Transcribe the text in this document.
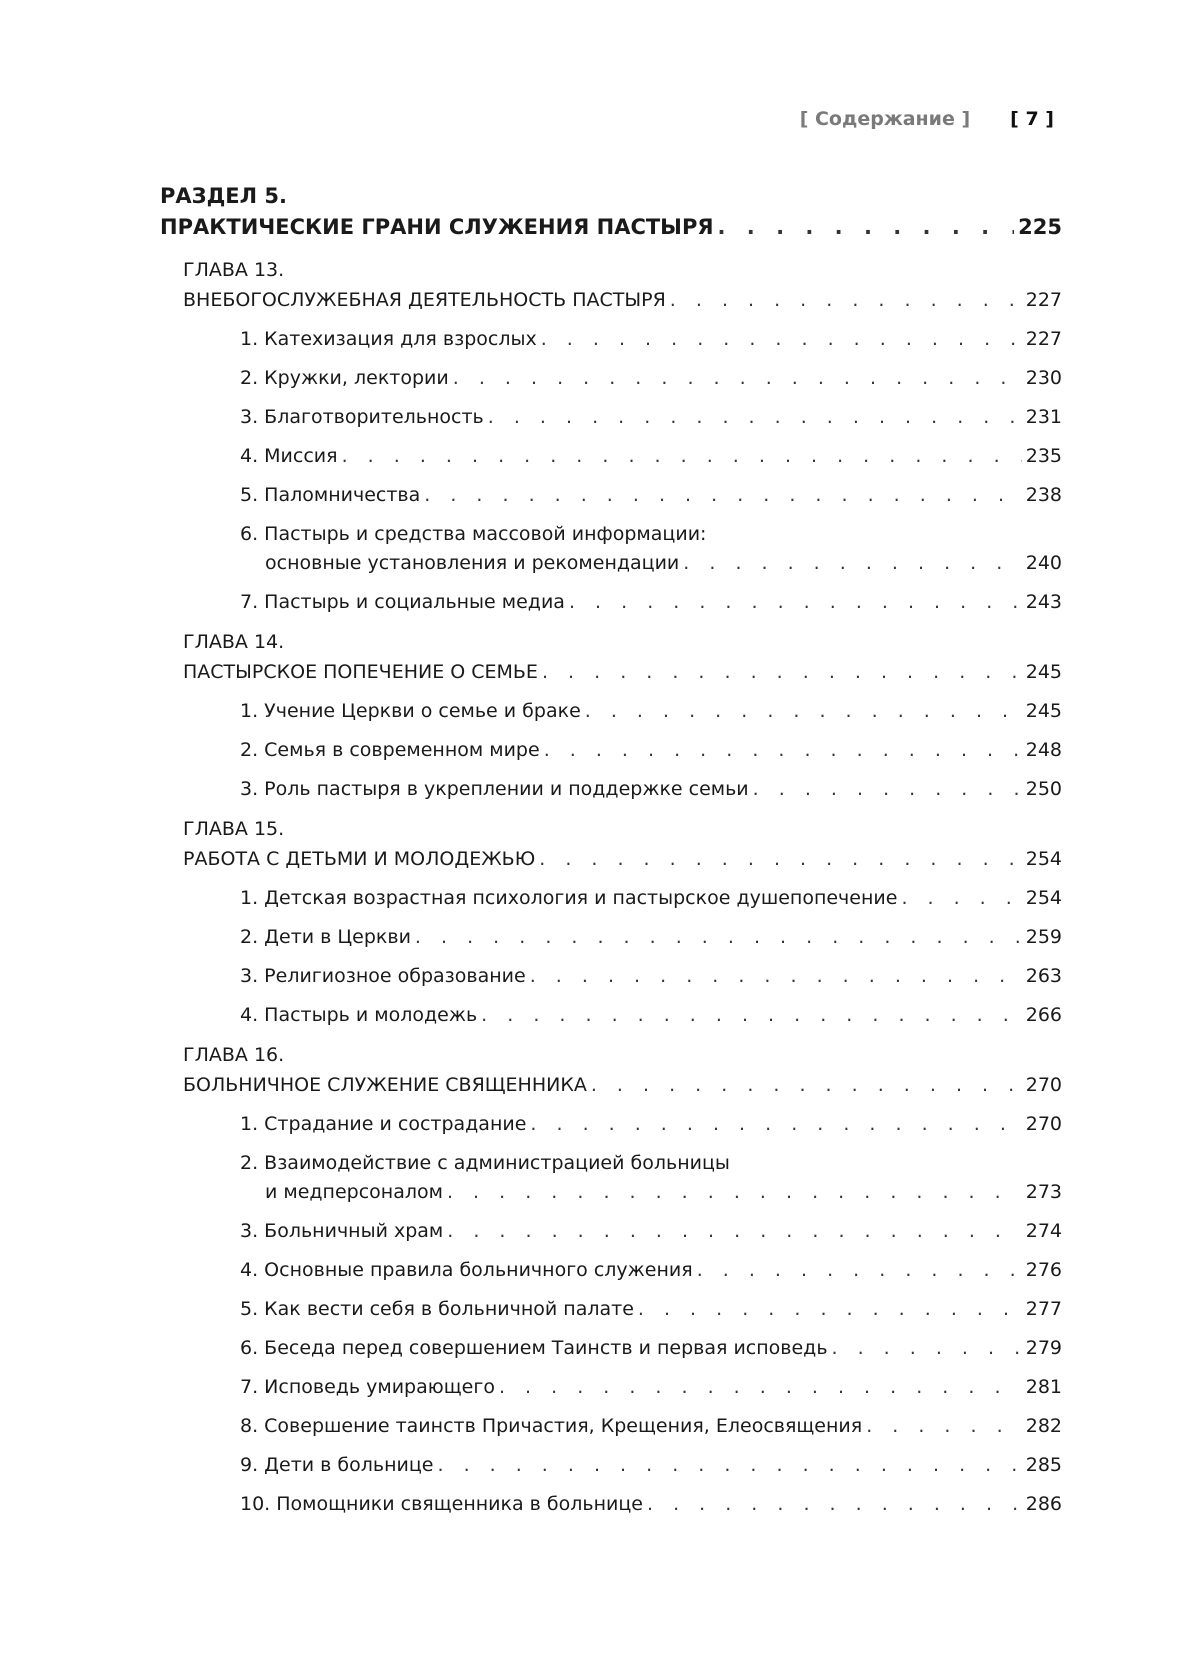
[ Содержание ] [ 7 ]
РАЗДЕЛ 5.
ПРАКТИЧЕСКИЕ ГРАНИ СЛУЖЕНИЯ ПАСТЫРЯ . . .	225
ГЛАВА 13.
ВНЕБОГОСЛУЖЕБНАЯ ДЕЯТЕЛЬНОСТЬ ПАСТЫРЯ . . .	227
1. Катехизация для взрослых . . .	227
2. Кружки, лектории . . .	230
3. Благотворительность . . .	231
4. Миссия . . .	235
5. Паломничества . . .	238
6. Пастырь и средства массовой информации:
основные установления и рекомендации . . .	240
7. Пастырь и социальные медиа . . .	243
ГЛАВА 14.
ПАСТЫРСКОЕ ПОПЕЧЕНИЕ О СЕМЬЕ . . .	245
1. Учение Церкви о семье и браке . . .	245
2. Семья в современном мире . . .	248
3. Роль пастыря в укреплении и поддержке семьи . . .	250
ГЛАВА 15.
РАБОТА С ДЕТЬМИ И МОЛОДЕЖЬЮ . . .	254
1. Детская возрастная психология и пастырское душепопечение . . .	254
2. Дети в Церкви . . .	259
3. Религиозное образование . . .	263
4. Пастырь и молодежь . . .	266
ГЛАВА 16.
БОЛЬНИЧНОЕ СЛУЖЕНИЕ СВЯЩЕННИКА . . .	270
1. Страдание и сострадание . . .	270
2. Взаимодействие с администрацией больницы
и медперсоналом . . .	273
3. Больничный храм . . .	274
4. Основные правила больничного служения . . .	276
5. Как вести себя в больничной палате . . .	277
6. Беседа перед совершением Таинств и первая исповедь . . .	279
7. Исповедь умирающего . . .	281
8. Совершение таинств Причастия, Крещения, Елеосвящения . . .	282
9. Дети в больнице . . .	285
10. Помощники священника в больнице . . .	286
